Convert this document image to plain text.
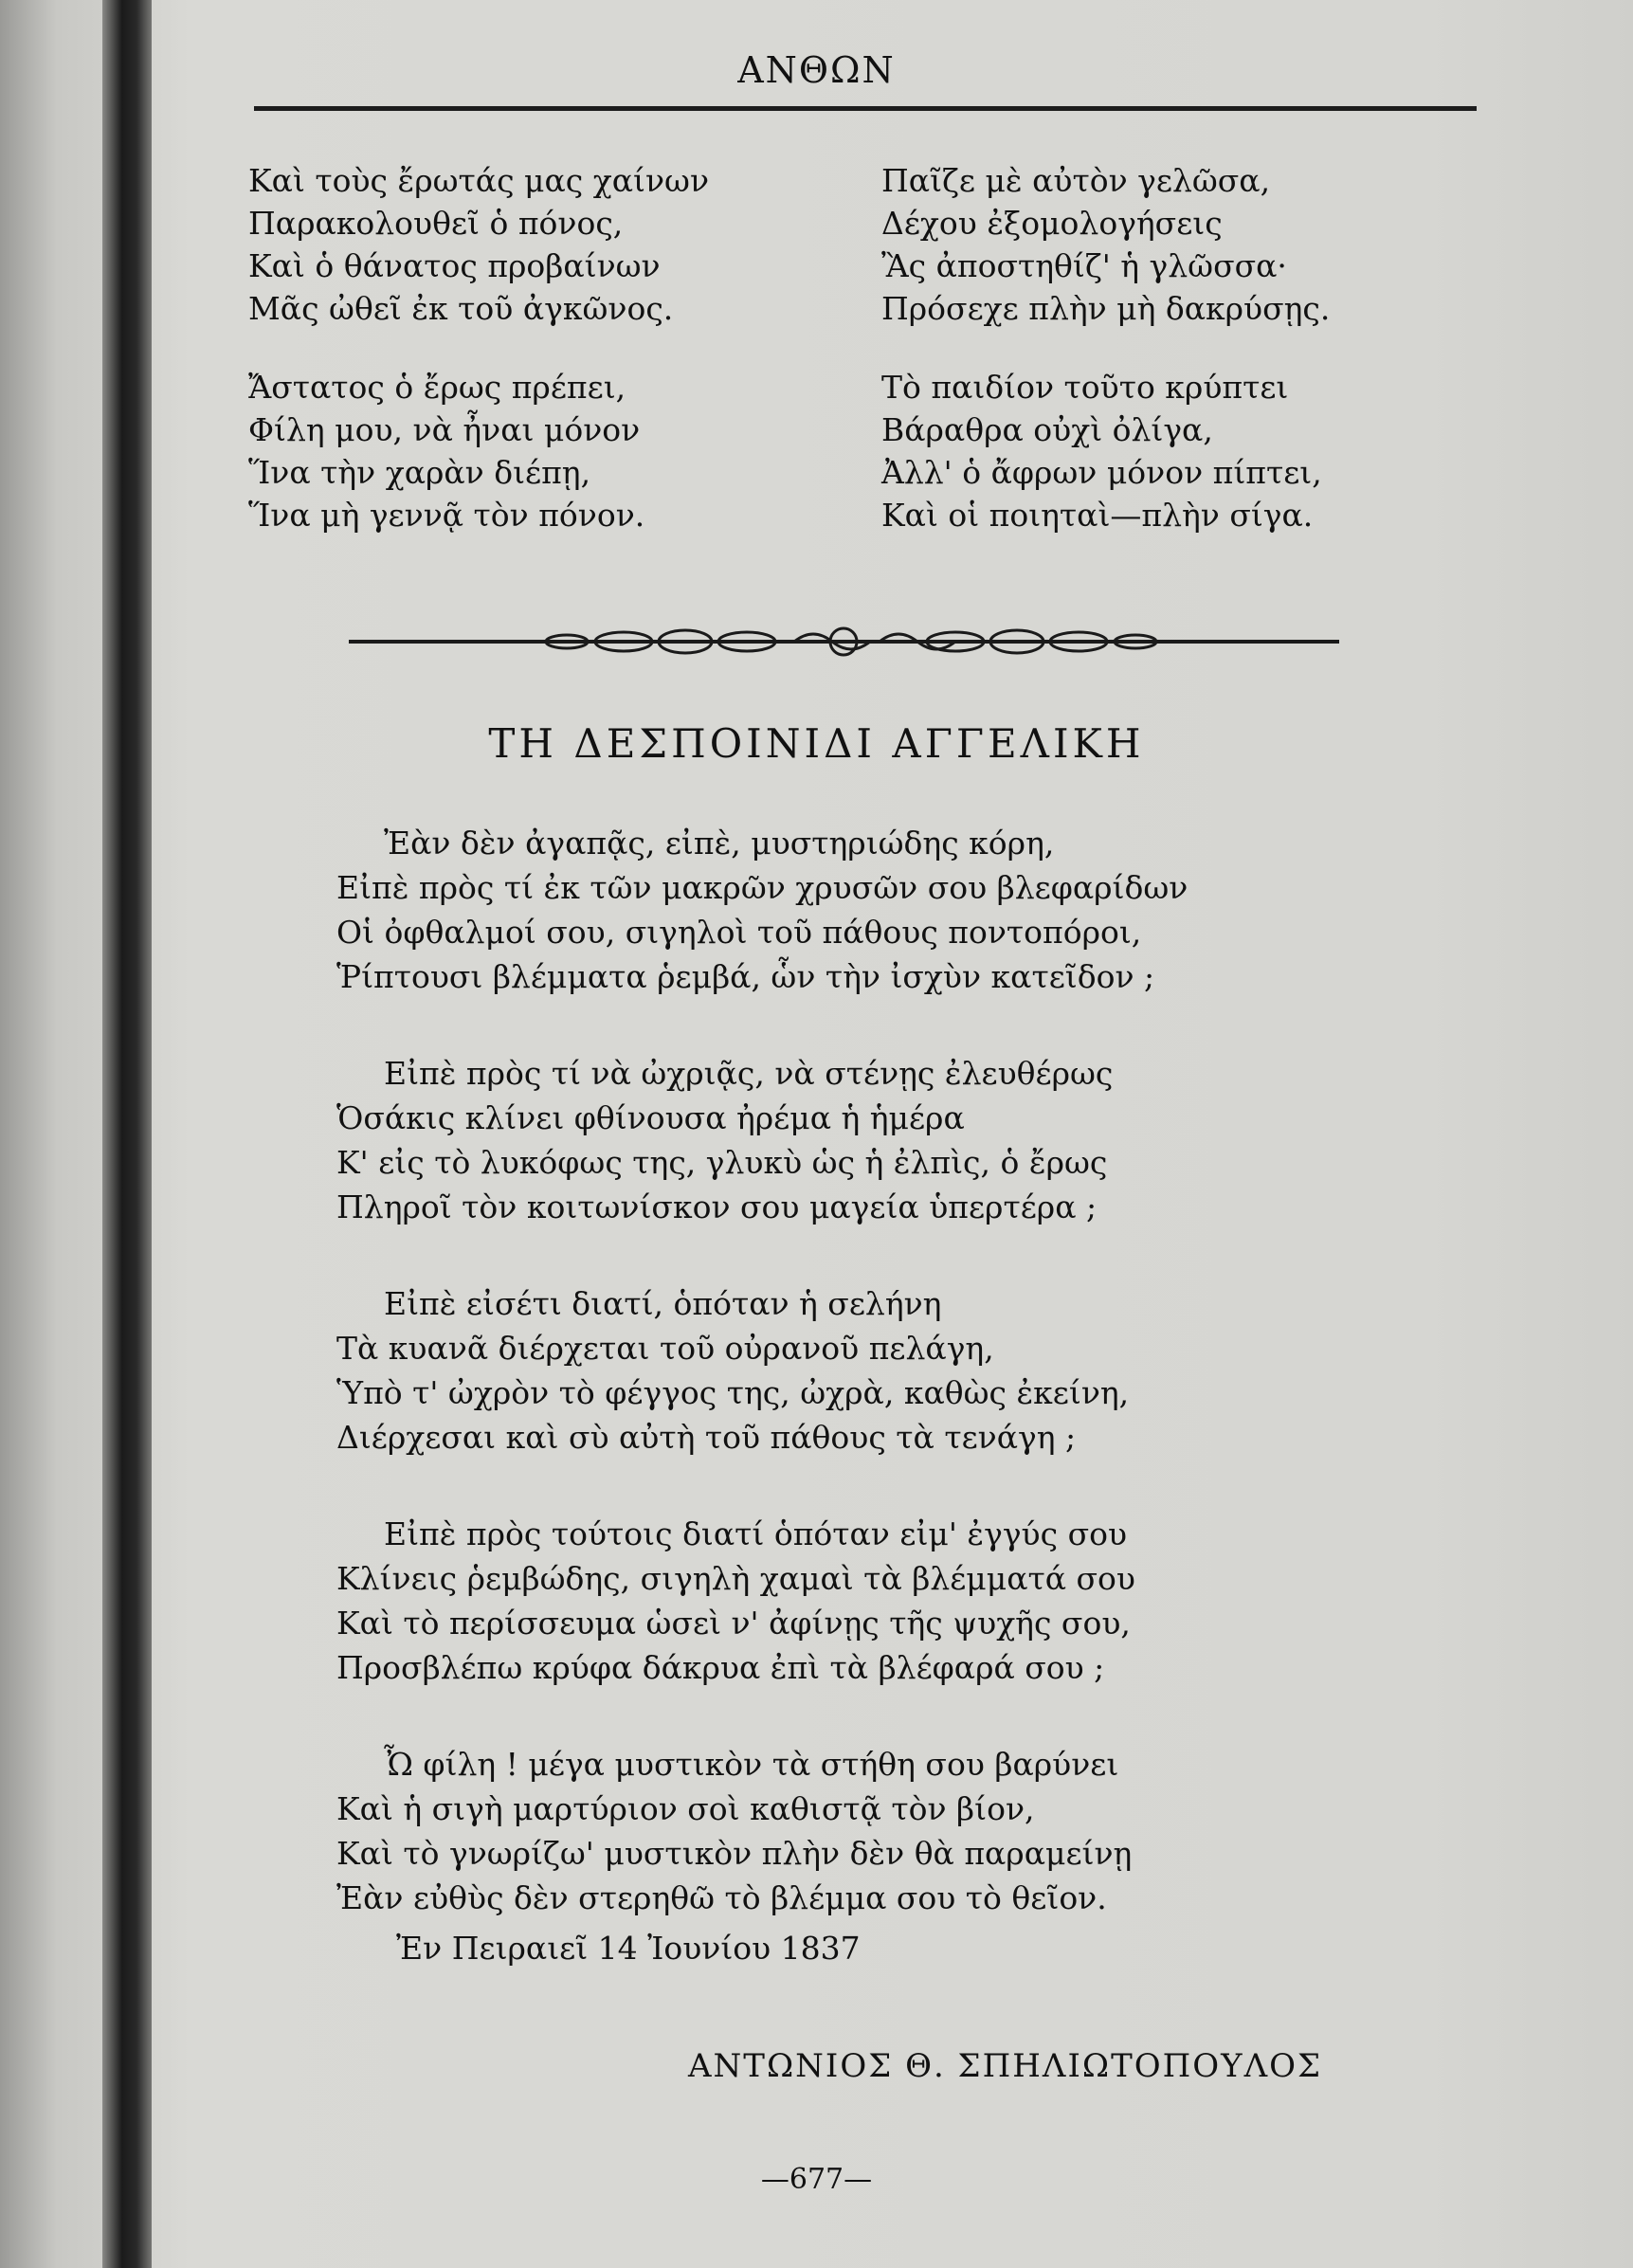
ΑΝΘΩΝ
Καὶ τοὺς ἔρωτάς μας χαίνων
Παρακολουθεῖ ὁ πόνος,
Καὶ ὁ θάνατος προβαίνων
Μᾶς ὠθεῖ ἐκ τοῦ ἀγκῶνος.
Ἄστατος ὁ ἔρως πρέπει,
Φίλη μου, νὰ ἦναι μόνον
Ἵνα τὴν χαρὰν διέπῃ,
Ἵνα μὴ γεννᾷ τὸν πόνον.
Παῖζε μὲ αὐτὸν γελῶσα,
Δέχου ἐξομολογήσεις
Ἂς ἀποστηθίζ' ἡ γλῶσσα·
Πρόσεχε πλὴν μὴ δακρύσῃς.
Τὸ παιδίον τοῦτο κρύπτει
Βάραθρα οὐχὶ ὀλίγα,
Ἀλλ' ὁ ἄφρων μόνον πίπτει,
Καὶ οἱ ποιηταὶ—πλὴν σίγα.
ΤΗ ΔΕΣΠΟΙΝΙΔΙ ΑΓΓΕΛΙΚΗ
Ἐὰν δὲν ἀγαπᾷς, εἰπὲ, μυστηριώδης κόρη,
Εἰπὲ πρὸς τί ἐκ τῶν μακρῶν χρυσῶν σου βλεφαρίδων
Οἱ ὀφθαλμοί σου, σιγηλοὶ τοῦ πάθους ποντοπόροι,
Ῥίπτουσι βλέμματα ῥεμβά, ὧν τὴν ἰσχὺν κατεῖδον ;
Εἰπὲ πρὸς τί νὰ ὠχριᾷς, νὰ στένῃς ἐλευθέρως
Ὁσάκις κλίνει φθίνουσα ἠρέμα ἡ ἡμέρα
Κ' εἰς τὸ λυκόφως της, γλυκὺ ὡς ἡ ἐλπὶς, ὁ ἔρως
Πληροῖ τὸν κοιτωνίσκον σου μαγεία ὑπερτέρα ;
Εἰπὲ εἰσέτι διατί, ὁπόταν ἡ σελήνη
Τὰ κυανᾶ διέρχεται τοῦ οὐρανοῦ πελάγη,
Ὑπὸ τ' ὠχρὸν τὸ φέγγος της, ὠχρὰ, καθὼς ἐκείνη,
Διέρχεσαι καὶ σὺ αὐτὴ τοῦ πάθους τὰ τενάγη ;
Εἰπὲ πρὸς τούτοις διατί ὁπόταν εἰμ' ἐγγύς σου
Κλίνεις ῥεμβώδης, σιγηλὴ χαμαὶ τὰ βλέμματά σου
Καὶ τὸ περίσσευμα ὡσεὶ ν' ἀφίνῃς τῆς ψυχῆς σου,
Προσβλέπω κρύφα δάκρυα ἐπὶ τὰ βλέφαρά σου ;
Ὦ φίλη ! μέγα μυστικὸν τὰ στήθη σου βαρύνει
Καὶ ἡ σιγὴ μαρτύριον σοὶ καθιστᾷ τὸν βίον,
Καὶ τὸ γνωρίζω' μυστικὸν πλὴν δὲν θὰ παραμείνῃ
Ἐὰν εὐθὺς δὲν στερηθῶ τὸ βλέμμα σου τὸ θεῖον.
Ἐν Πειραιεῖ 14 Ἰουνίου 1837
ΑΝΤΩΝΙΟΣ Θ. ΣΠΗΛΙΩΤΟΠΟΥΛΟΣ
—677—
